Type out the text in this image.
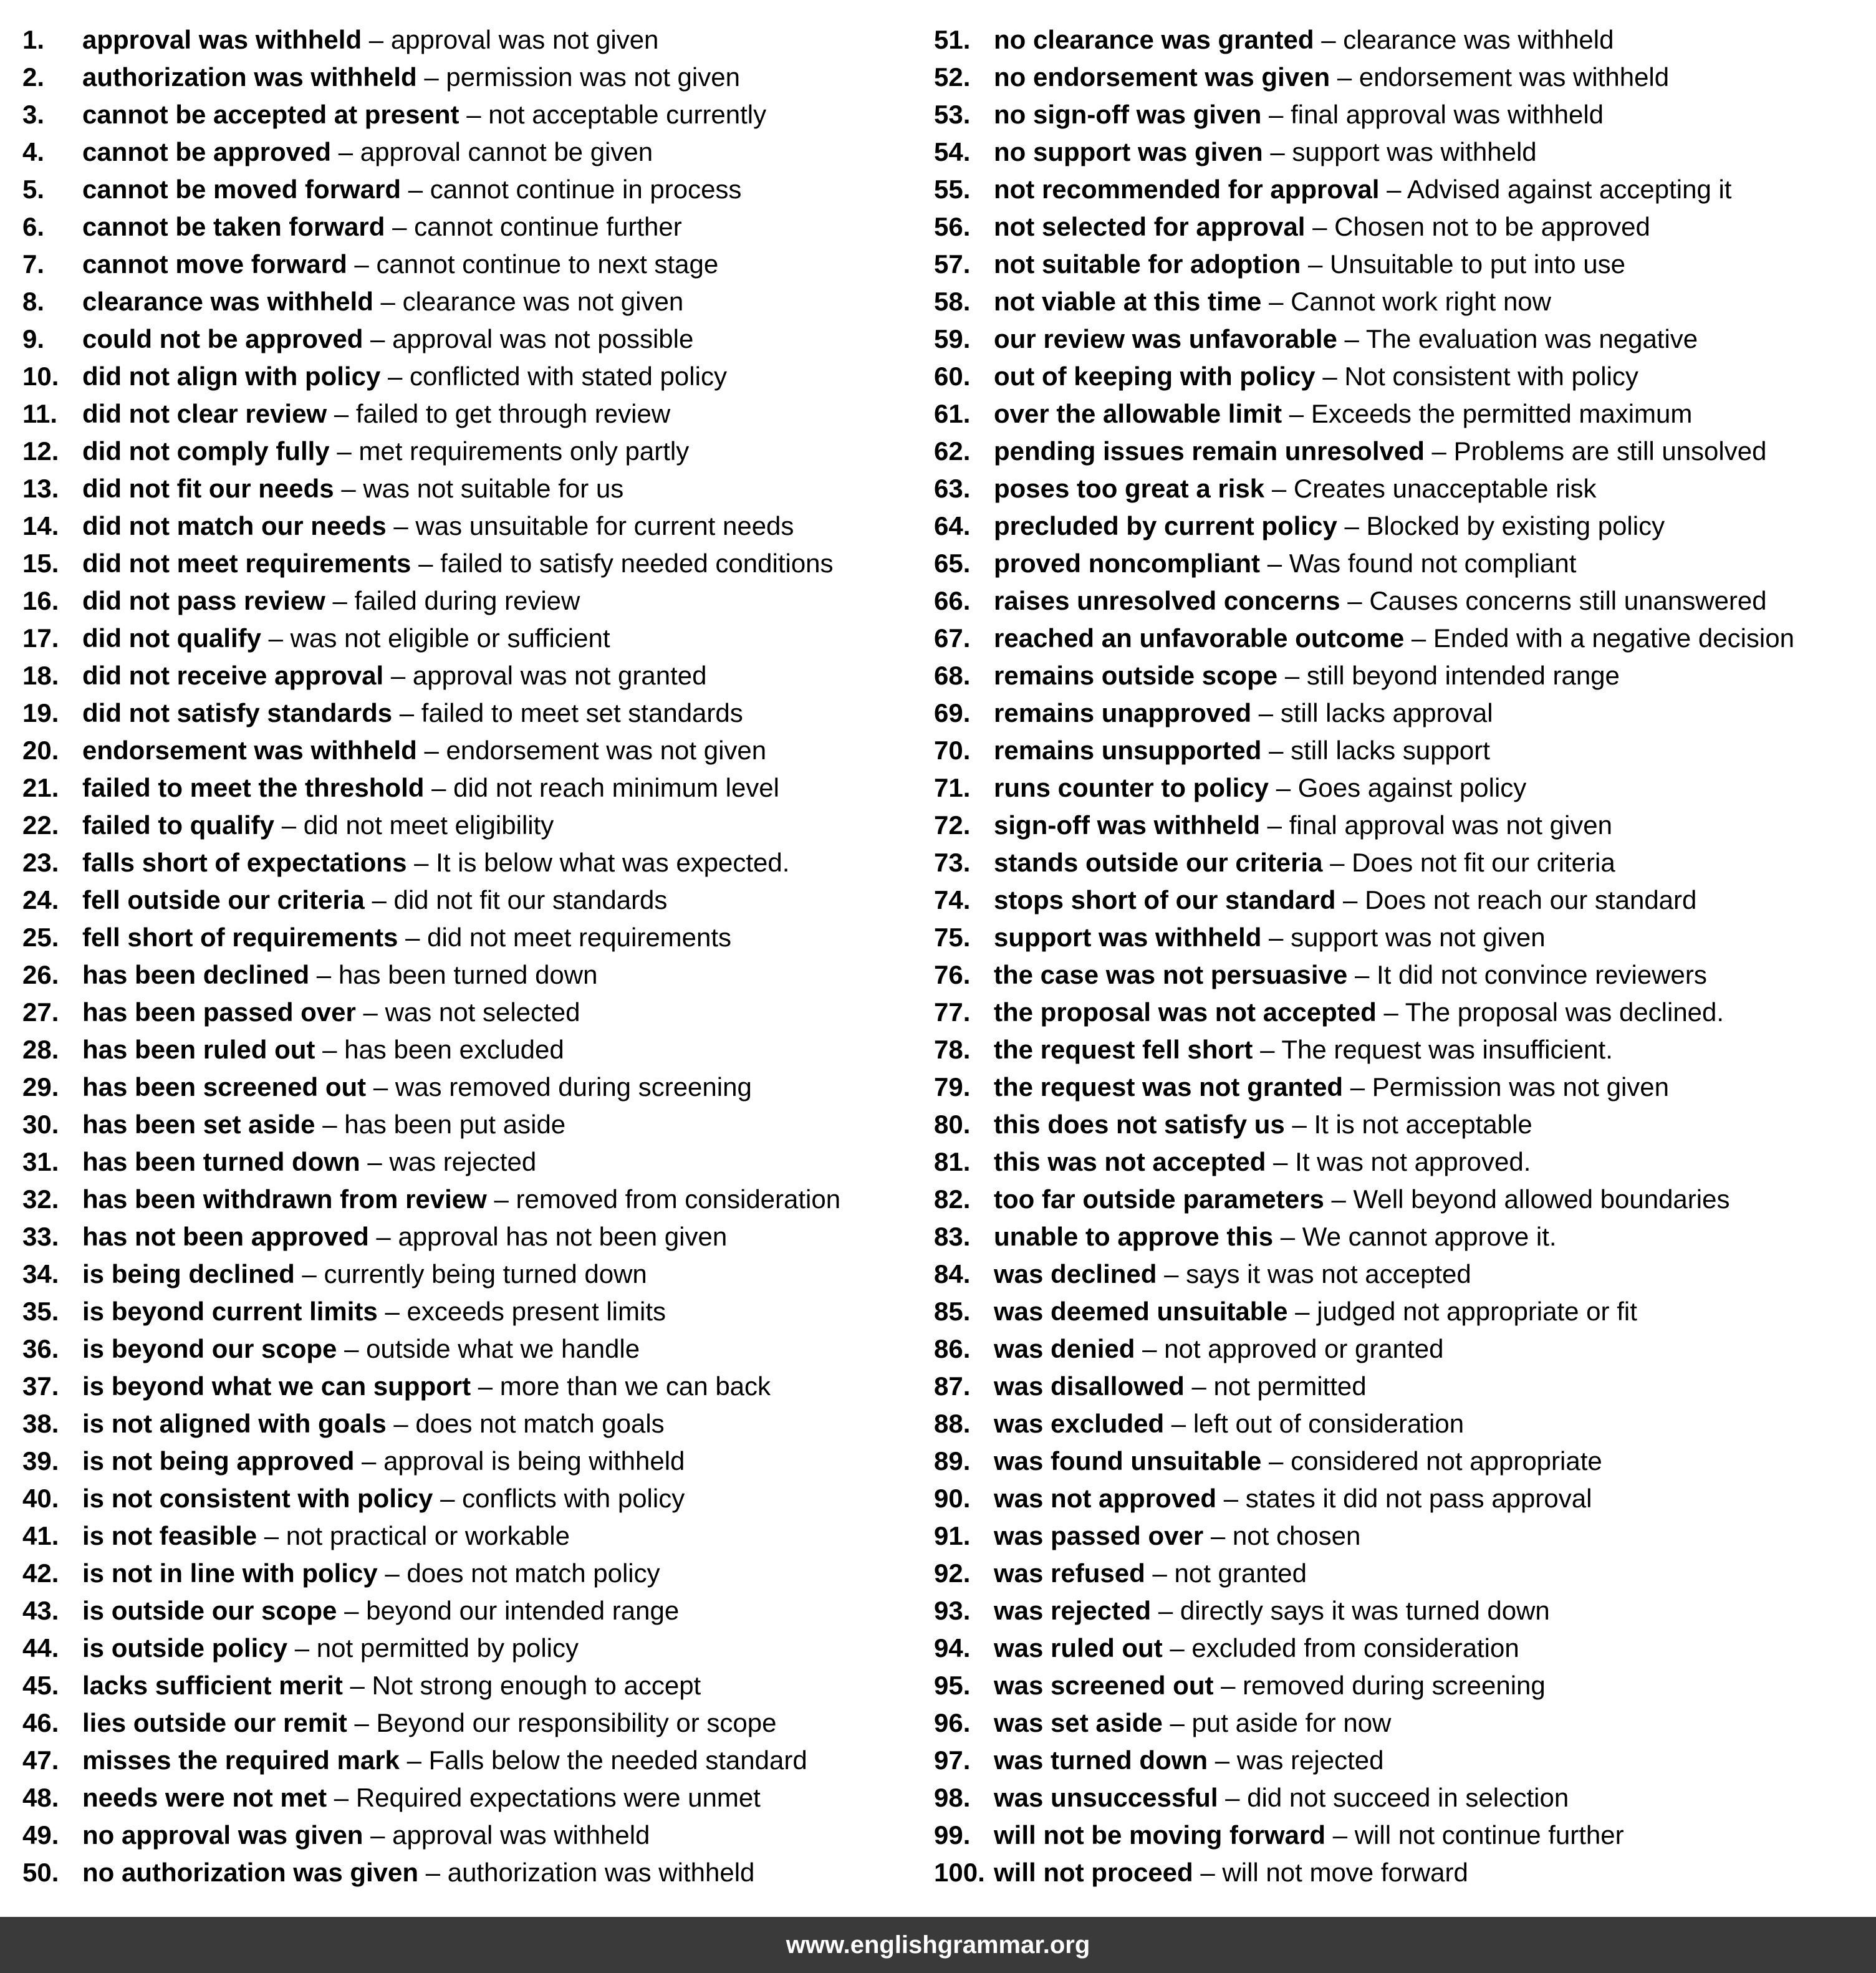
1. approval was withheld – approval was not given
2. authorization was withheld – permission was not given
3. cannot be accepted at present – not acceptable currently
4. cannot be approved – approval cannot be given
5. cannot be moved forward – cannot continue in process
6. cannot be taken forward – cannot continue further
7. cannot move forward – cannot continue to next stage
8. clearance was withheld – clearance was not given
9. could not be approved – approval was not possible
10. did not align with policy – conflicted with stated policy
11. did not clear review – failed to get through review
12. did not comply fully – met requirements only partly
13. did not fit our needs – was not suitable for us
14. did not match our needs – was unsuitable for current needs
15. did not meet requirements – failed to satisfy needed conditions
16. did not pass review – failed during review
17. did not qualify – was not eligible or sufficient
18. did not receive approval – approval was not granted
19. did not satisfy standards – failed to meet set standards
20. endorsement was withheld – endorsement was not given
21. failed to meet the threshold – did not reach minimum level
22. failed to qualify – did not meet eligibility
23. falls short of expectations – It is below what was expected.
24. fell outside our criteria – did not fit our standards
25. fell short of requirements – did not meet requirements
26. has been declined – has been turned down
27. has been passed over – was not selected
28. has been ruled out – has been excluded
29. has been screened out – was removed during screening
30. has been set aside – has been put aside
31. has been turned down – was rejected
32. has been withdrawn from review – removed from consideration
33. has not been approved – approval has not been given
34. is being declined – currently being turned down
35. is beyond current limits – exceeds present limits
36. is beyond our scope – outside what we handle
37. is beyond what we can support – more than we can back
38. is not aligned with goals – does not match goals
39. is not being approved – approval is being withheld
40. is not consistent with policy – conflicts with policy
41. is not feasible – not practical or workable
42. is not in line with policy – does not match policy
43. is outside our scope – beyond our intended range
44. is outside policy – not permitted by policy
45. lacks sufficient merit – Not strong enough to accept
46. lies outside our remit – Beyond our responsibility or scope
47. misses the required mark – Falls below the needed standard
48. needs were not met – Required expectations were unmet
49. no approval was given – approval was withheld
50. no authorization was given – authorization was withheld
51. no clearance was granted – clearance was withheld
52. no endorsement was given – endorsement was withheld
53. no sign-off was given – final approval was withheld
54. no support was given – support was withheld
55. not recommended for approval – Advised against accepting it
56. not selected for approval – Chosen not to be approved
57. not suitable for adoption – Unsuitable to put into use
58. not viable at this time – Cannot work right now
59. our review was unfavorable – The evaluation was negative
60. out of keeping with policy – Not consistent with policy
61. over the allowable limit – Exceeds the permitted maximum
62. pending issues remain unresolved – Problems are still unsolved
63. poses too great a risk – Creates unacceptable risk
64. precluded by current policy – Blocked by existing policy
65. proved noncompliant – Was found not compliant
66. raises unresolved concerns – Causes concerns still unanswered
67. reached an unfavorable outcome – Ended with a negative decision
68. remains outside scope – still beyond intended range
69. remains unapproved – still lacks approval
70. remains unsupported – still lacks support
71. runs counter to policy – Goes against policy
72. sign-off was withheld – final approval was not given
73. stands outside our criteria – Does not fit our criteria
74. stops short of our standard – Does not reach our standard
75. support was withheld – support was not given
76. the case was not persuasive – It did not convince reviewers
77. the proposal was not accepted – The proposal was declined.
78. the request fell short – The request was insufficient.
79. the request was not granted – Permission was not given
80. this does not satisfy us – It is not acceptable
81. this was not accepted – It was not approved.
82. too far outside parameters – Well beyond allowed boundaries
83. unable to approve this – We cannot approve it.
84. was declined – says it was not accepted
85. was deemed unsuitable – judged not appropriate or fit
86. was denied – not approved or granted
87. was disallowed – not permitted
88. was excluded – left out of consideration
89. was found unsuitable – considered not appropriate
90. was not approved – states it did not pass approval
91. was passed over – not chosen
92. was refused – not granted
93. was rejected – directly says it was turned down
94. was ruled out – excluded from consideration
95. was screened out – removed during screening
96. was set aside – put aside for now
97. was turned down – was rejected
98. was unsuccessful – did not succeed in selection
99. will not be moving forward – will not continue further
100. will not proceed – will not move forward
www.englishgrammar.org
